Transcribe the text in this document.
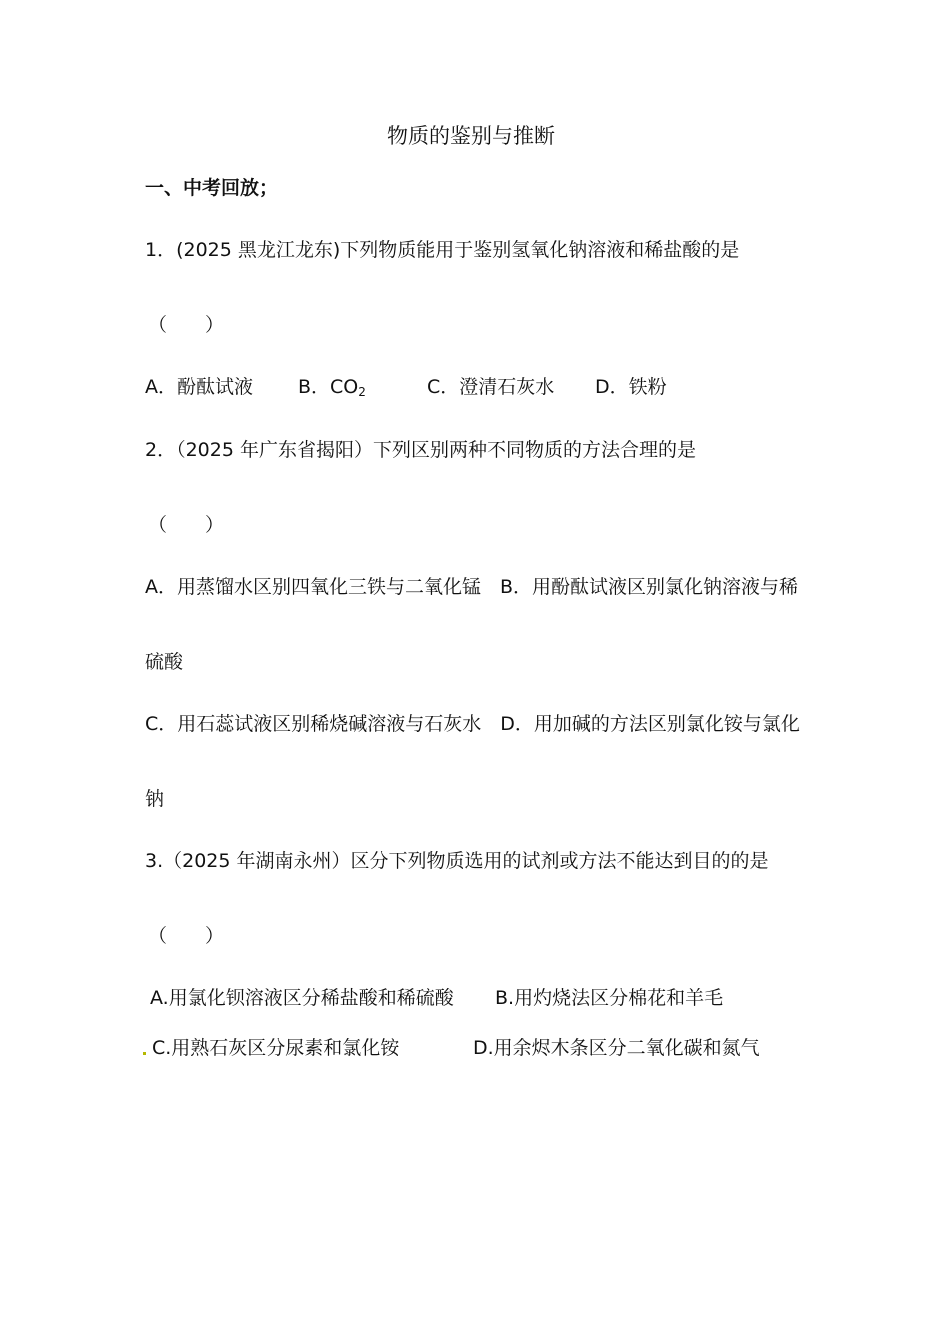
物质的鉴别与推断
一、中考回放；
1．(2025 黑龙江龙东)下列物质能用于鉴别氢氧化钠溶液和稀盐酸的是
（　　）
A．酚酞试液 B．$CO_2$	C．澄清石灰水 D．铁粉
2．（2025 年广东省揭阳）下列区别两种不同物质的方法合理的是
（　　）
A．用蒸馏水区别四氧化三铁与二氧化锰　B．用酚酞试液区别氯化钠溶液与稀
硫酸
C．用石蕊试液区别稀烧碱溶液与石灰水　D．用加碱的方法区别氯化铵与氯化
钠
3.（2025 年湖南永州）区分下列物质选用的试剂或方法不能达到目的的是
（　　）
A.用氯化钡溶液区分稀盐酸和稀硫酸 B.用灼烧法区分棉花和羊毛
C.用熟石灰区分尿素和氯化铵	D.用余烬木条区分二氧化碳和氮气
